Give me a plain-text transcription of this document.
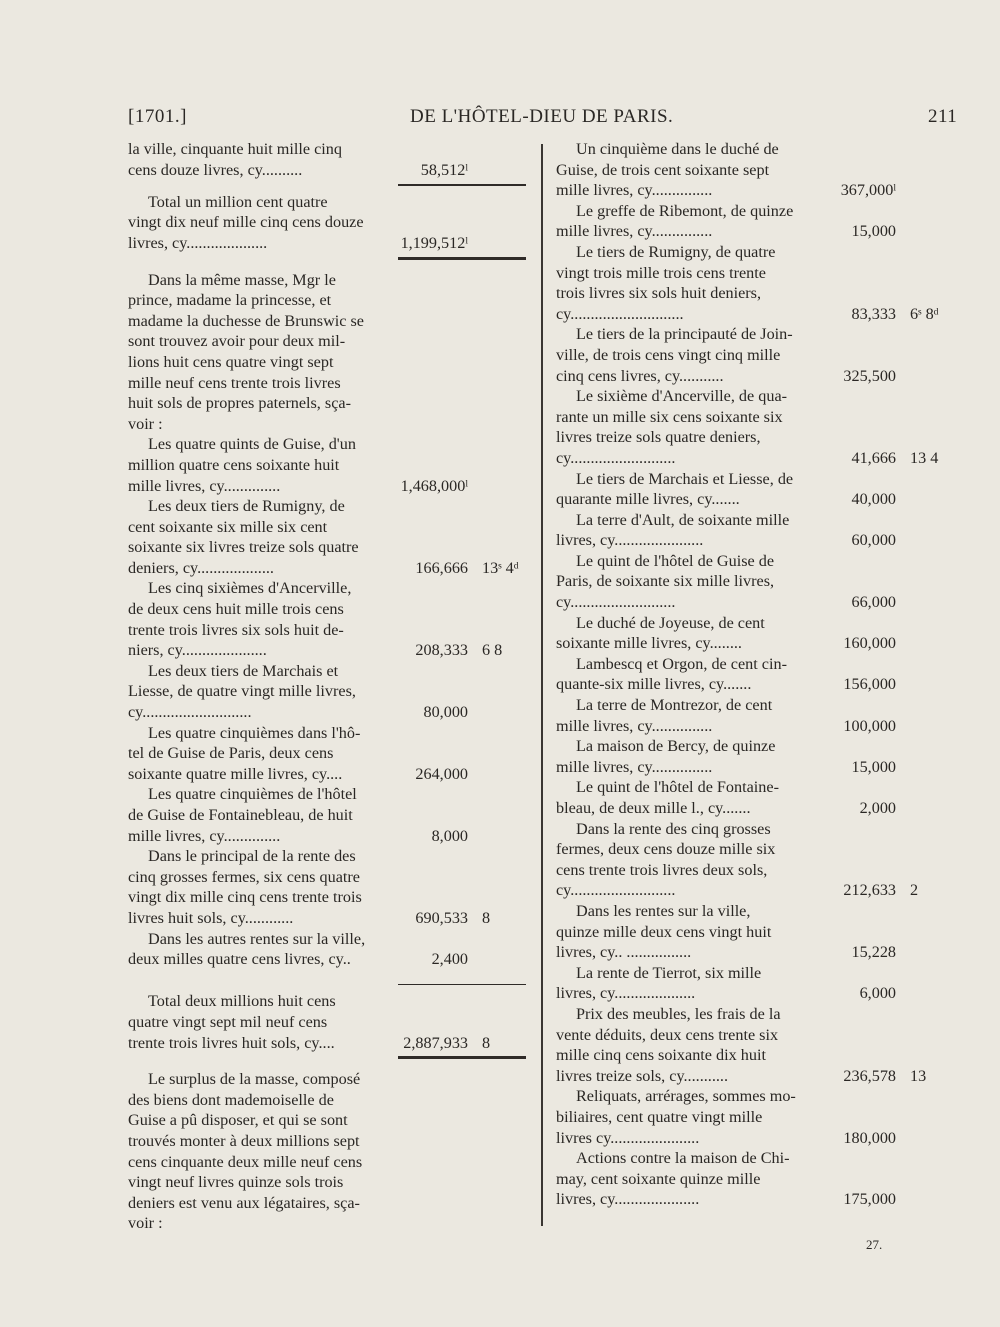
[1701.]	DE L'HÔTEL-DIEU DE PARIS.	211
la ville, cinquante huit mille cinq
cens douze livres, cy..........	58,512ˡ
Total un million cent quatre
vingt dix neuf mille cinq cens douze
livres, cy....................	1,199,512ˡ
Dans la même masse, Mgr le
prince, madame la princesse, et
madame la duchesse de Brunswic se
sont trouvez avoir pour deux mil-
lions huit cens quatre vingt sept
mille neuf cens trente trois livres
huit sols de propres paternels, sça-
voir :
Les quatre quints de Guise, d'un
million quatre cens soixante huit
mille livres, cy..............	1,468,000ˡ
Les deux tiers de Rumigny, de
cent soixante six mille six cent
soixante six livres treize sols quatre
deniers, cy...................	166,666 13ˢ 4ᵈ
Les cinq sixièmes d'Ancerville,
de deux cens huit mille trois cens
trente trois livres six sols huit de-
niers, cy.....................	208,333 6 8
Les deux tiers de Marchais et
Liesse, de quatre vingt mille livres,
cy...........................	80,000
Les quatre cinquièmes dans l'hô-
tel de Guise de Paris, deux cens
soixante quatre mille livres, cy....	264,000
Les quatre cinquièmes de l'hôtel
de Guise de Fontainebleau, de huit
mille livres, cy..............	8,000
Dans le principal de la rente des
cinq grosses fermes, six cens quatre
vingt dix mille cinq cens trente trois
livres huit sols, cy............	690,533 8
Dans les autres rentes sur la ville,
deux milles quatre cens livres, cy..	2,400
Total deux millions huit cens
quatre vingt sept mil neuf cens
trente trois livres huit sols, cy....	2,887,933 8
Le surplus de la masse, composé
des biens dont mademoiselle de
Guise a pû disposer, et qui se sont
trouvés monter à deux millions sept
cens cinquante deux mille neuf cens
vingt neuf livres quinze sols trois
deniers est venu aux légataires, sça-
voir :
Un cinquième dans le duché de
Guise, de trois cent soixante sept
mille livres, cy...............	367,000ˡ
Le greffe de Ribemont, de quinze
mille livres, cy...............	15,000
Le tiers de Rumigny, de quatre
vingt trois mille trois cens trente
trois livres six sols huit deniers,
cy............................	83,333 6ˢ 8ᵈ
Le tiers de la principauté de Join-
ville, de trois cens vingt cinq mille
cinq cens livres, cy...........	325,500
Le sixième d'Ancerville, de qua-
rante un mille six cens soixante six
livres treize sols quatre deniers,
cy..........................	41,666 13 4
Le tiers de Marchais et Liesse, de
quarante mille livres, cy.......	40,000
La terre d'Ault, de soixante mille
livres, cy......................	60,000
Le quint de l'hôtel de Guise de
Paris, de soixante six mille livres,
cy..........................	66,000
Le duché de Joyeuse, de cent
soixante mille livres, cy........	160,000
Lambescq et Orgon, de cent cin-
quante-six mille livres, cy.......	156,000
La terre de Montrezor, de cent
mille livres, cy...............	100,000
La maison de Bercy, de quinze
mille livres, cy...............	15,000
Le quint de l'hôtel de Fontaine-
bleau, de deux mille l., cy.......	2,000
Dans la rente des cinq grosses
fermes, deux cens douze mille six
cens trente trois livres deux sols,
cy..........................	212,633 2
Dans les rentes sur la ville,
quinze mille deux cens vingt huit
livres, cy.. ................	15,228
La rente de Tierrot, six mille
livres, cy....................	6,000
Prix des meubles, les frais de la
vente déduits, deux cens trente six
mille cinq cens soixante dix huit
livres treize sols, cy...........	236,578 13
Reliquats, arrérages, sommes mo-
biliaires, cent quatre vingt mille
livres cy......................	180,000
Actions contre la maison de Chi-
may, cent soixante quinze mille
livres, cy.....................	175,000
27.
